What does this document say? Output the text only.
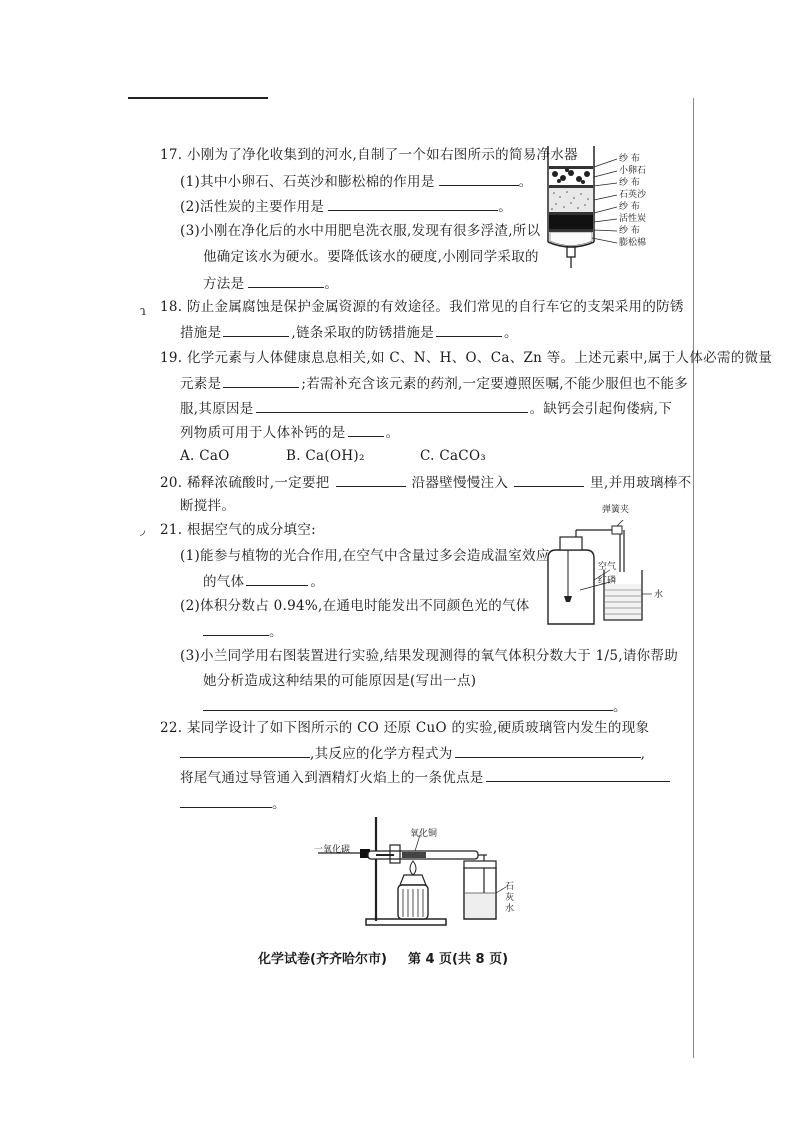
17. 小刚为了净化收集到的河水,自制了一个如右图所示的简易净水器
(1)其中小卵石、石英沙和膨松棉的作用是	。
(2)活性炭的主要作用是	。
(3)小刚在净化后的水中用肥皂洗衣服,发现有很多浮渣,所以
他确定该水为硬水。要降低该水的硬度,小刚同学采取的
方法是	。
纱 布
小卵石
纱 布
石英沙
纱 布
活性炭
纱 布
膨松棉
ɿ 18. 防止金属腐蚀是保护金属资源的有效途径。我们常见的自行车它的支架采用的防锈
措施是	,链条采取的防锈措施是	。
19. 化学元素与人体健康息息相关,如 C、N、H、O、Ca、Zn 等。上述元素中,属于人体必需的微量
元素是	;若需补充含该元素的药剂,一定要遵照医嘱,不能少服但也不能多
服,其原因是	。缺钙会引起佝偻病,下
列物质可用于人体补钙的是	。
A. CaO	B. Ca(OH)₂	C. CaCO₃
20. 稀释浓硫酸时,一定要把	沿器壁慢慢注入	里,并用玻璃棒不
断搅拌。
◞ 21. 根据空气的成分填空:
(1)能参与植物的光合作用,在空气中含量过多会造成温室效应
的气体	。
(2)体积分数占 0.94%,在通电时能发出不同颜色光的气体
。
(3)小兰同学用右图装置进行实验,结果发现测得的氧气体积分数大于 1/5,请你帮助
她分析造成这种结果的可能原因是(写出一点)
。
弹簧夹
空气
红磷
水
22. 某同学设计了如下图所示的 CO 还原 CuO 的实验,硬质玻璃管内发生的现象
,其反应的化学方程式为	,
将尾气通过导管通入到酒精灯火焰上的一条优点是
。
一氧化碳
氧化铜
石灰水
化学试卷(齐齐哈尔市) 第 4 页(共 8 页)
